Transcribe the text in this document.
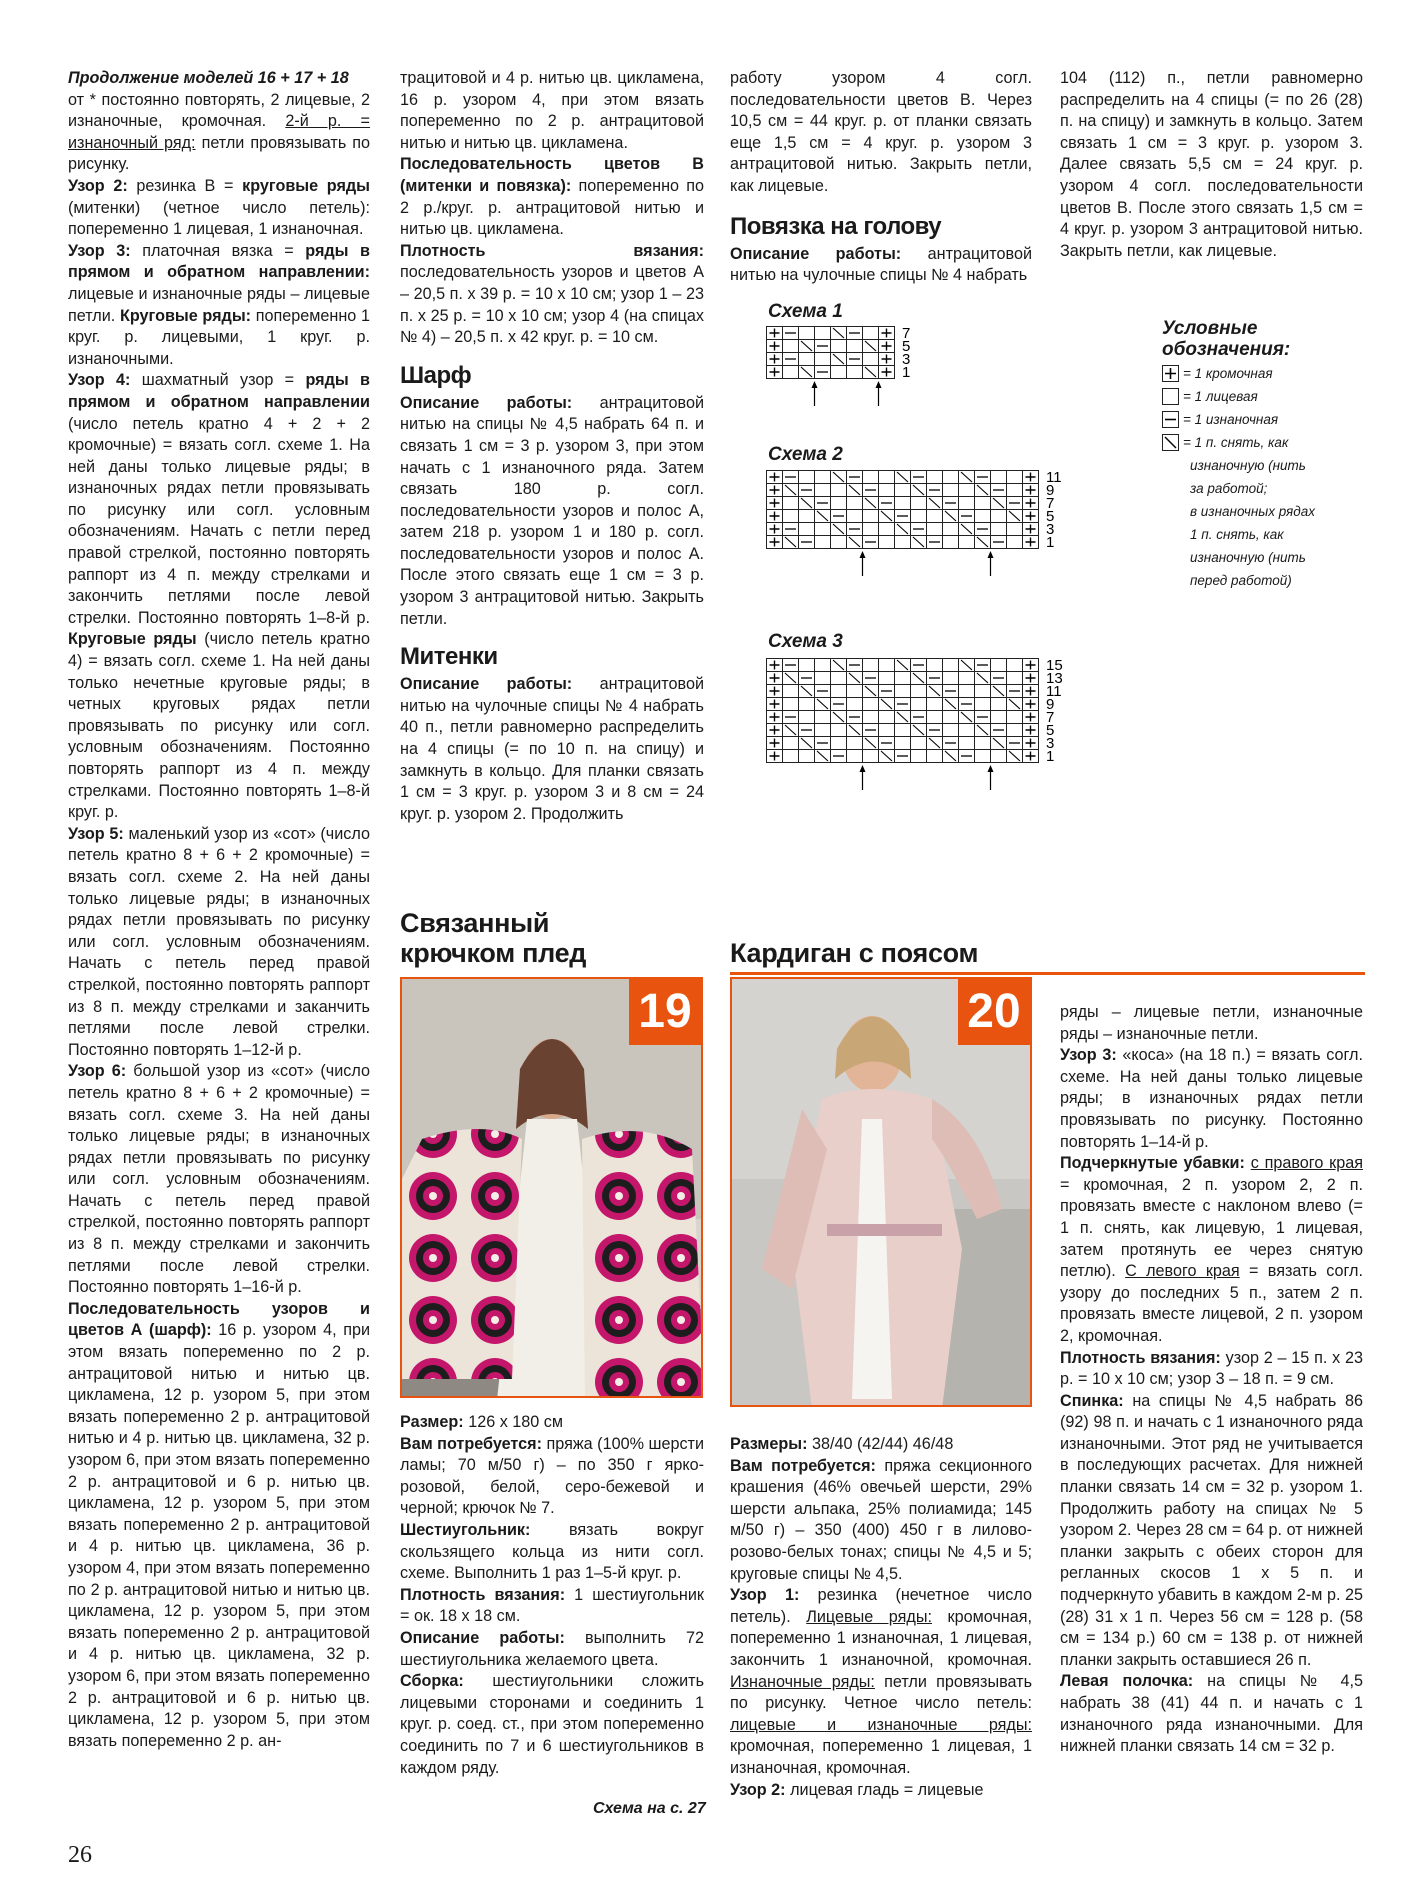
Продолжение моделей 16 + 17 + 18

от * постоянно повторять, 2 лицевые, 2 изнаночные, кромочная. 2-й р. = изнаночный ряд: петли провязывать по рисунку.

Узор 2: резинка В = круговые ряды (митенки) (четное число петель): попеременно 1 лицевая, 1 изнаночная.

Узор 3: платочная вязка = ряды в прямом и обратном направлении: лицевые и изнаночные ряды – лицевые петли. Круговые ряды: попеременно 1 круг. р. лицевыми, 1 круг. р. изнаночными.

Узор 4: шахматный узор = ряды в прямом и обратном направлении (число петель кратно 4 + 2 + 2 кромочные) = вязать согл. схеме 1. На ней даны только лицевые ряды; в изнаночных рядах петли провязывать по рисунку или согл. условным обозначениям. Начать с петли перед правой стрелкой, постоянно повторять раппорт из 4 п. между стрелками и закончить петлями после левой стрелки. Постоянно повторять 1–8-й р. Круговые ряды (число петель кратно 4) = вязать согл. схеме 1. На ней даны только нечетные круговые ряды; в четных круговых рядах петли провязывать по рисунку или согл. условным обозначениям. Постоянно повторять раппорт из 4 п. между стрелками. Постоянно повторять 1–8-й круг. р.

Узор 5: маленький узор из «сот» (число петель кратно 8 + 6 + 2 кромочные) = вязать согл. схеме 2. На ней даны только лицевые ряды; в изнаночных рядах петли провязывать по рисунку или согл. условным обозначениям. Начать с петель перед правой стрелкой, постоянно повторять раппорт из 8 п. между стрелками и заканчить петлями после левой стрелки. Постоянно повторять 1–12-й р.

Узор 6: большой узор из «сот» (число петель кратно 8 + 6 + 2 кромочные) = вязать согл. схеме 3. На ней даны только лицевые ряды; в изнаночных рядах петли провязывать по рисунку или согл. условным обозначениям. Начать с петель перед правой стрелкой, постоянно повторять раппорт из 8 п. между стрелками и закончить петлями после левой стрелки. Постоянно повторять 1–16-й р.

Последовательность узоров и цветов А (шарф): 16 р. узором 4, при этом вязать попеременно по 2 р. антрацитовой нитью и нитью цв. цикламена, 12 р. узором 5, при этом вязать попеременно 2 р. антрацитовой нитью и 4 р. нитью цв. цикламена, 32 р. узором 6, при этом вязать попеременно 2 р. антрацитовой и 6 р. нитью цв. цикламена, 12 р. узором 5, при этом вязать попеременно 2 р. антрацитовой и 4 р. нитью цв. цикламена, 36 р. узором 4, при этом вязать попеременно по 2 р. антрацитовой нитью и нитью цв. цикламена, 12 р. узором 5, при этом вязать попеременно 2 р. антрацитовой и 4 р. нитью цв. цикламена, 32 р. узором 6, при этом вязать попеременно 2 р. антрацитовой и 6 р. нитью цв. цикламена, 12 р. узором 5, при этом вязать попеременно 2 р. ан-

трацитовой и 4 р. нитью цв. цикламена, 16 р. узором 4, при этом вязать попеременно по 2 р. антрацитовой нитью и нитью цв. цикламена.

Последовательность цветов В (митенки и повязка): попеременно по 2 р./круг. р. антрацитовой нитью и нитью цв. цикламена.

Плотность вязания: последовательность узоров и цветов А – 20,5 п. x 39 р. = 10 x 10 см; узор 1 – 23 п. x 25 р. = 10 x 10 см; узор 4 (на спицах № 4) – 20,5 п. x 42 круг. р. = 10 см.

Шарф

Описание работы: антрацитовой нитью на спицы № 4,5 набрать 64 п. и связать 1 см = 3 р. узором 3, при этом начать с 1 изнаночного ряда. Затем связать 180 р. согл. последовательности узоров и полос А, затем 218 р. узором 1 и 180 р. согл. последовательности узоров и полос А. После этого связать еще 1 см = 3 р. узором 3 антрацитовой нитью. Закрыть петли.

Митенки

Описание работы: антрацитовой нитью на чулочные спицы № 4 набрать 40 п., петли равномерно распределить на 4 спицы (= по 10 п. на спицу) и замкнуть в кольцо. Для планки связать 1 см = 3 круг. р. узором 3 и 8 см = 24 круг. р. узором 2. Продолжить

работу узором 4 согл. последовательности цветов В. Через 10,5 см = 44 круг. р. от планки связать еще 1,5 см = 4 круг. р. узором 3 антрацитовой нитью. Закрыть петли, как лицевые.

Повязка на голову

Описание работы: антрацитовой нитью на чулочные спицы № 4 набрать

104 (112) п., петли равномерно распределить на 4 спицы (= по 26 (28) п. на спицу) и замкнуть в кольцо. Затем связать 1 см = 3 круг. р. узором 3. Далее связать 5,5 см = 24 круг. р. узором 4 согл. последовательности цветов В. После этого связать 1,5 см = 4 круг. р. узором 3 антрацитовой нитью. Закрыть петли, как лицевые.

Схема 1
7
5
3
1
Схема 2
11
9
7
5
3
1
Схема 3
15
13
11
9
7
5
3
1
Условные
обозначения:
= 1 кромочная
= 1 лицевая
= 1 изнаночная
= 1 п. снять, как
изнаночную (нить
за работой;
в изнаночных рядах
1 п. снять, как
изнаночную (нить
перед работой)
Связанный
крючком плед
19

Размер: 126 x 180 см

Вам потребуется: пряжа (100% шерсти ламы; 70 м/50 г) – по 350 г ярко-розовой, белой, серо-бежевой и черной; крючок № 7.

Шестиугольник: вязать вокруг скользящего кольца из нити согл. схеме. Выполнить 1 раз 1–5-й круг. р.

Плотность вязания: 1 шестиугольник = ок. 18 x 18 см.

Описание работы: выполнить 72 шестиугольника желаемого цвета.

Сборка: шестиугольники сложить лицевыми сторонами и соединить 1 круг. р. соед. ст., при этом попеременно соединить по 7 и 6 шестиугольников в каждом ряду.

Схема на с. 27
Кардиган с поясом
20

Размеры: 38/40 (42/44) 46/48

Вам потребуется: пряжа секционного крашения (46% овечьей шерсти, 29% шерсти альпака, 25% полиамида; 145 м/50 г) – 350 (400) 450 г в лилово-розово-белых тонах; спицы № 4,5 и 5; круговые спицы № 4,5.

Узор 1: резинка (нечетное число петель). Лицевые ряды: кромочная, попеременно 1 изнаночная, 1 лицевая, закончить 1 изнаночной, кромочная. Изнаночные ряды: петли провязывать по рисунку. Четное число петель: лицевые и изнаночные ряды: кромочная, попеременно 1 лицевая, 1 изнаночная, кромочная.

Узор 2: лицевая гладь = лицевые

ряды – лицевые петли, изнаночные ряды – изнаночные петли.

Узор 3: «коса» (на 18 п.) = вязать согл. схеме. На ней даны только лицевые ряды; в изнаночных рядах петли провязывать по рисунку. Постоянно повторять 1–14-й р.

Подчеркнутые убавки: с правого края = кромочная, 2 п. узором 2, 2 п. провязать вместе с наклоном влево (= 1 п. снять, как лицевую, 1 лицевая, затем протянуть ее через снятую петлю). С левого края = вязать согл. узору до последних 5 п., затем 2 п. провязать вместе лицевой, 2 п. узором 2, кромочная.

Плотность вязания: узор 2 – 15 п. x 23 р. = 10 x 10 см; узор 3 – 18 п. = 9 см.

Спинка: на спицы № 4,5 набрать 86 (92) 98 п. и начать с 1 изнаночного ряда изнаночными. Этот ряд не учитывается в последующих расчетах. Для нижней планки связать 14 см = 32 р. узором 1. Продолжить работу на спицах № 5 узором 2. Через 28 см = 64 р. от нижней планки закрыть с обеих сторон для регланных скосов 1 x 5 п. и подчеркнуто убавить в каждом 2-м р. 25 (28) 31 x 1 п. Через 56 см = 128 р. (58 см = 134 р.) 60 см = 138 р. от нижней планки закрыть оставшиеся 26 п.

Левая полочка: на спицы № 4,5 набрать 38 (41) 44 п. и начать с 1 изнаночного ряда изнаночными. Для нижней планки связать 14 см = 32 р.

26
